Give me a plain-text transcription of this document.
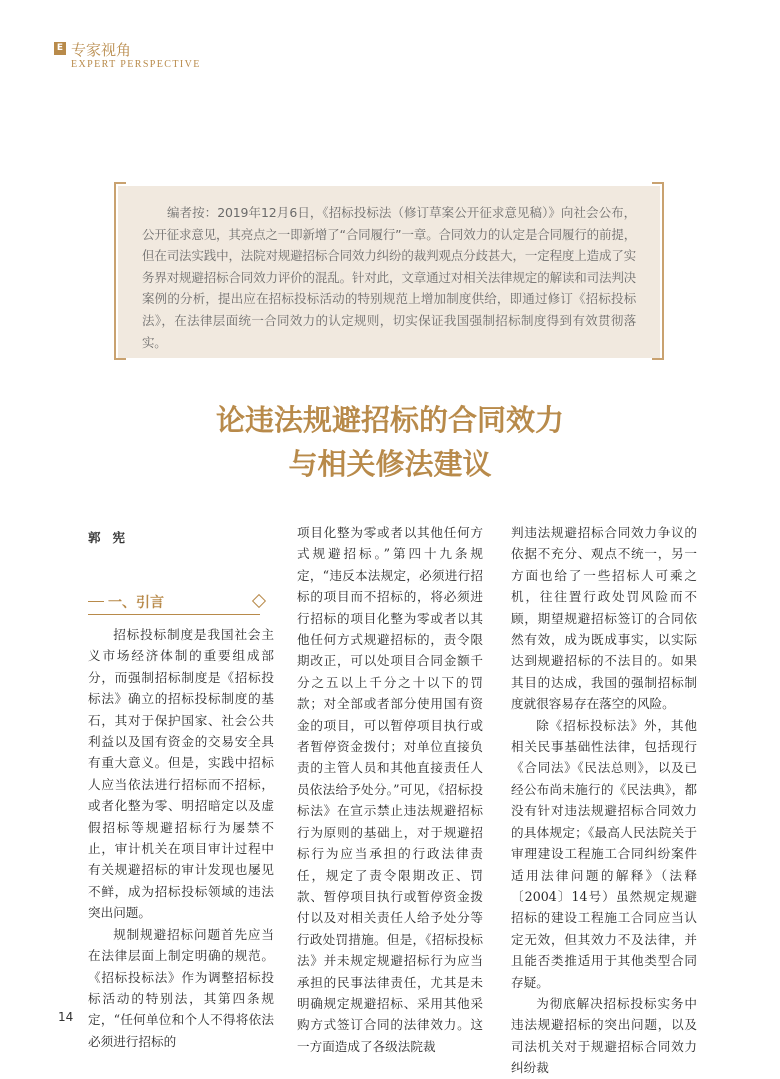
E 专家视角
EXPERT PERSPECTIVE
编者按：2019年12月6日，《招标投标法（修订草案公开征求意见稿）》向社会公布，公开征求意见，其亮点之一即新增了“合同履行”一章。合同效力的认定是合同履行的前提，但在司法实践中，法院对规避招标合同效力纠纷的裁判观点分歧甚大，一定程度上造成了实务界对规避招标合同效力评价的混乱。针对此，文章通过对相关法律规定的解读和司法判决案例的分析，提出应在招标投标活动的特别规范上增加制度供给，即通过修订《招标投标法》，在法律层面统一合同效力的认定规则，切实保证我国强制招标制度得到有效贯彻落实。
论违法规避招标的合同效力
与相关修法建议
郭宪
一、引言

招标投标制度是我国社会主义市场经济体制的重要组成部分，而强制招标制度是《招标投标法》确立的招标投标制度的基石，其对于保护国家、社会公共利益以及国有资金的交易安全具有重大意义。但是，实践中招标人应当依法进行招标而不招标，或者化整为零、明招暗定以及虚假招标等规避招标行为屡禁不止，审计机关在项目审计过程中有关规避招标的审计发现也屡见不鲜，成为招标投标领域的违法突出问题。

规制规避招标问题首先应当在法律层面上制定明确的规范。《招标投标法》作为调整招标投标活动的特别法，其第四条规定，“任何单位和个人不得将依法必须进行招标的

项目化整为零或者以其他任何方式规避招标。”第四十九条规定，“违反本法规定，必须进行招标的项目而不招标的，将必须进行招标的项目化整为零或者以其他任何方式规避招标的，责令限期改正，可以处项目合同金额千分之五以上千分之十以下的罚款；对全部或者部分使用国有资金的项目，可以暂停项目执行或者暂停资金拨付；对单位直接负责的主管人员和其他直接责任人员依法给予处分。”可见，《招标投标法》在宣示禁止违法规避招标行为原则的基础上，对于规避招标行为应当承担的行政法律责任，规定了责令限期改正、罚款、暂停项目执行或暂停资金拨付以及对相关责任人给予处分等行政处罚措施。但是，《招标投标法》并未规定规避招标行为应当承担的民事法律责任，尤其是未明确规定规避招标、采用其他采购方式签订合同的法律效力。这一方面造成了各级法院裁

判违法规避招标合同效力争议的依据不充分、观点不统一，另一方面也给了一些招标人可乘之机，往往置行政处罚风险而不顾，期望规避招标签订的合同依然有效，成为既成事实，以实际达到规避招标的不法目的。如果其目的达成，我国的强制招标制度就很容易存在落空的风险。

除《招标投标法》外，其他相关民事基础性法律，包括现行《合同法》《民法总则》，以及已经公布尚未施行的《民法典》，都没有针对违法规避招标合同效力的具体规定；《最高人民法院关于审理建设工程施工合同纠纷案件适用法律问题的解释》（法释〔2004〕14号）虽然规定规避招标的建设工程施工合同应当认定无效，但其效力不及法律，并且能否类推适用于其他类型合同存疑。

为彻底解决招标投标实务中违法规避招标的突出问题，以及司法机关对于规避招标合同效力纠纷裁

14
